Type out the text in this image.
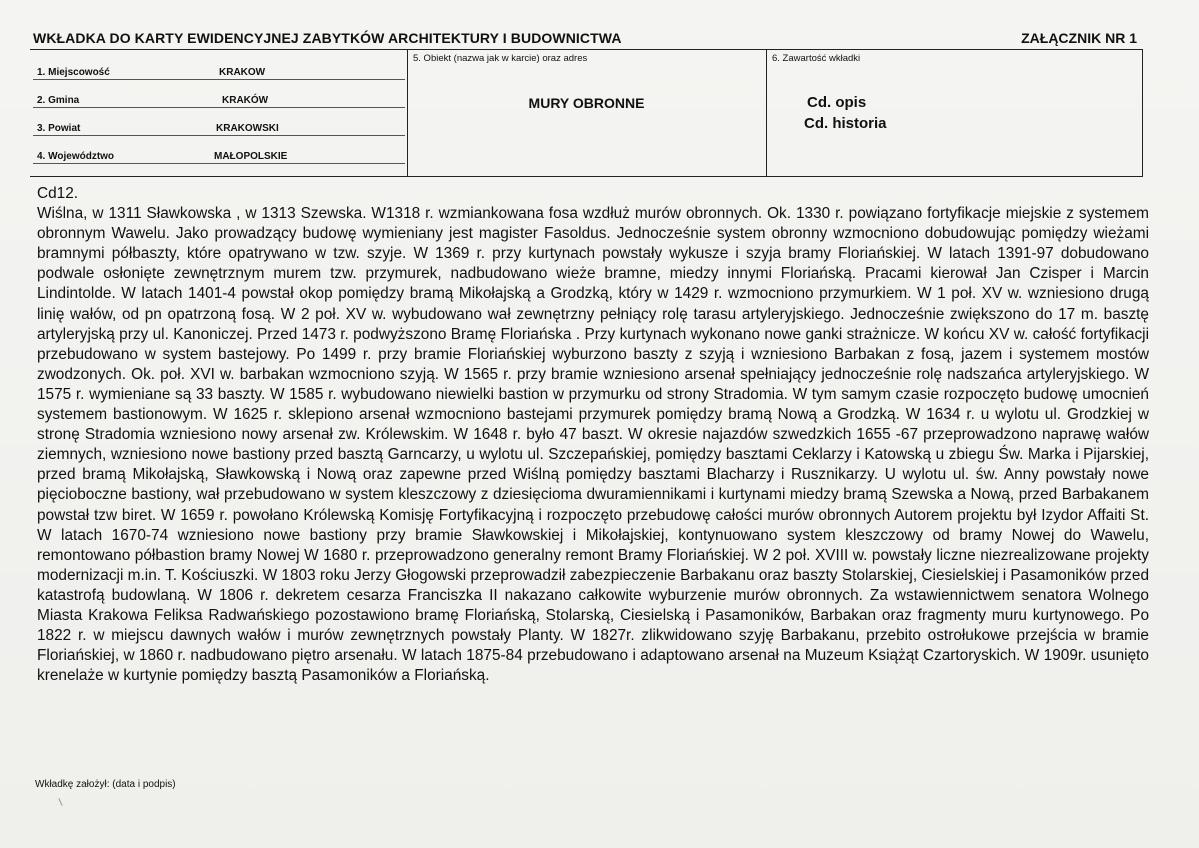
WKŁADKA DO KARTY EWIDENCYJNEJ ZABYTKÓW ARCHITEKTURY I BUDOWNICTWA	ZAŁĄCZNIK NR 1
1. Miejscowość	KRAKOW
2. Gmina	KRAKÓW
3. Powiat	KRAKOWSKI
4. Województwo	MAŁOPOLSKIE
5. Obiekt (nazwa jak w karcie) oraz adres
MURY OBRONNE
6. Zawartość wkładki
Cd. opis
Cd. historia
Cd12.
Wiślna, w 1311 Sławkowska , w 1313 Szewska. W1318 r. wzmiankowana fosa wzdłuż murów obronnych. Ok. 1330 r. powiązano fortyfikacje miejskie z systemem obronnym Wawelu. Jako prowadzący budowę wymieniany jest magister Fasoldus. Jednocześnie system obronny wzmocniono dobudowując pomiędzy wieżami bramnymi półbaszty, które opatrywano w tzw. szyje. W 1369 r. przy kurtynach powstały wykusze i szyja bramy Floriańskiej. W latach 1391-97 dobudowano podwale osłonięte zewnętrznym murem tzw. przymurek, nadbudowano wieże bramne, miedzy innymi Floriańską. Pracami kierował Jan Czisper i Marcin Lindintolde. W latach 1401-4 powstał okop pomiędzy bramą Mikołajską a Grodzką, który w 1429 r. wzmocniono przymurkiem. W 1 poł. XV w. wzniesiono drugą linię wałów, od pn opatrzoną fosą. W 2 poł. XV w. wybudowano wał zewnętrzny pełniący rolę tarasu artyleryjskiego. Jednocześnie zwiększono do 17 m. basztę artyleryjską przy ul. Kanoniczej. Przed 1473 r. podwyższono Bramę Floriańska . Przy kurtynach wykonano nowe ganki strażnicze. W końcu XV w. całość fortyfikacji przebudowano w system bastejowy. Po 1499 r. przy bramie Floriańskiej wyburzono baszty z szyją i wzniesiono Barbakan z fosą, jazem i systemem mostów zwodzonych. Ok. poł. XVI w. barbakan wzmocniono szyją. W 1565 r. przy bramie wzniesiono arsenał spełniający jednocześnie rolę nadszańca artyleryjskiego. W 1575 r. wymieniane są 33 baszty. W 1585 r. wybudowano niewielki bastion w przymurku od strony Stradomia. W tym samym czasie rozpoczęto budowę umocnień systemem bastionowym. W 1625 r. sklepiono arsenał wzmocniono bastejami przymurek pomiędzy bramą Nową a Grodzką. W 1634 r. u wylotu ul. Grodzkiej w stronę Stradomia wzniesiono nowy arsenał zw. Królewskim. W 1648 r. było 47 baszt. W okresie najazdów szwedzkich 1655 -67 przeprowadzono naprawę wałów ziemnych, wzniesiono nowe bastiony przed basztą Garncarzy, u wylotu ul. Szczepańskiej, pomiędzy basztami Ceklarzy i Katowską u zbiegu Św. Marka i Pijarskiej, przed bramą Mikołajską, Sławkowską i Nową oraz zapewne przed Wiślną pomiędzy basztami Blacharzy i Rusznikarzy. U wylotu ul. św. Anny powstały nowe pięcioboczne bastiony, wał przebudowano w system kleszczowy z dziesięcioma dwuramiennikami i kurtynami miedzy bramą Szewska a Nową, przed Barbakanem powstał tzw biret. W 1659 r. powołano Królewską Komisję Fortyfikacyjną i rozpoczęto przebudowę całości murów obronnych Autorem projektu był Izydor Affaiti St. W latach 1670-74 wzniesiono nowe bastiony przy bramie Sławkowskiej i Mikołajskiej, kontynuowano system kleszczowy od bramy Nowej do Wawelu, remontowano półbastion bramy Nowej W 1680 r. przeprowadzono generalny remont Bramy Floriańskiej. W 2 poł. XVIII w. powstały liczne niezrealizowane projekty modernizacji m.in. T. Kościuszki. W 1803 roku Jerzy Głogowski przeprowadził zabezpieczenie Barbakanu oraz baszty Stolarskiej, Ciesielskiej i Pasamoników przed katastrofą budowlaną. W 1806 r. dekretem cesarza Franciszka II nakazano całkowite wyburzenie murów obronnych. Za wstawiennictwem senatora Wolnego Miasta Krakowa Feliksa Radwańskiego pozostawiono bramę Floriańską, Stolarską, Ciesielską i Pasamoników, Barbakan oraz fragmenty muru kurtynowego. Po 1822 r. w miejscu dawnych wałów i murów zewnętrznych powstały Planty. W 1827r. zlikwidowano szyję Barbakanu, przebito ostrołukowe przejścia w bramie Floriańskiej, w 1860 r. nadbudowano piętro arsenału. W latach 1875-84 przebudowano i adaptowano arsenał na Muzeum Książąt Czartoryskich. W 1909r. usunięto krenelaże w kurtynie pomiędzy basztą Pasamoników a Floriańską.
Wkładkę założył: (data i podpis)
